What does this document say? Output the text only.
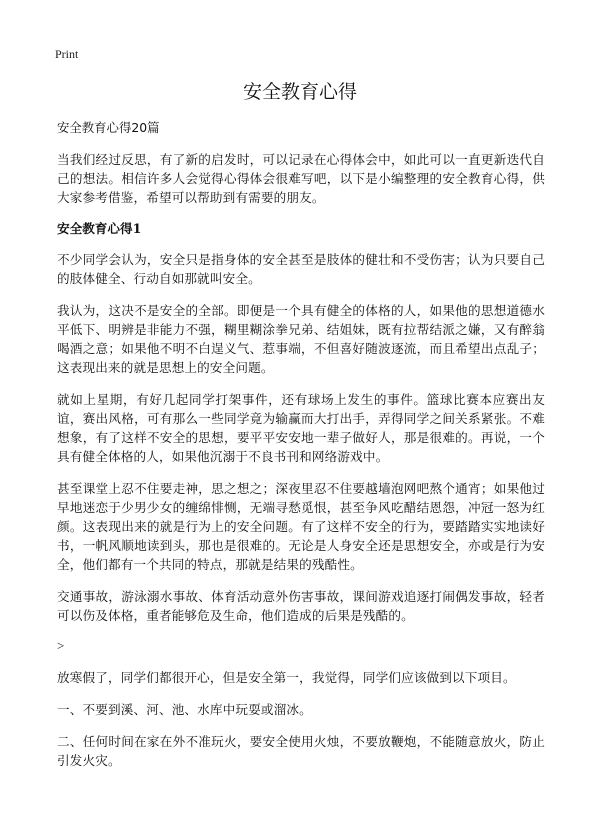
Print
安全教育心得
安全教育心得20篇

当我们经过反思，有了新的启发时，可以记录在心得体会中，如此可以一直更新迭代自己的想法。相信许多人会觉得心得体会很难写吧，以下是小编整理的安全教育心得，供大家参考借鉴，希望可以帮助到有需要的朋友。

安全教育心得1

不少同学会认为，安全只是指身体的安全甚至是肢体的健壮和不受伤害；认为只要自己的肢体健全、行动自如那就叫安全。

我认为，这决不是安全的全部。即便是一个具有健全的体格的人，如果他的思想道德水平低下、明辨是非能力不强，糊里糊涂拳兄弟、结姐妹，既有拉帮结派之嫌，又有醉翁喝酒之意；如果他不明不白逞义气、惹事端，不但喜好随波逐流，而且希望出点乱子；这表现出来的就是思想上的安全问题。

就如上星期，有好几起同学打架事件，还有球场上发生的事件。篮球比赛本应赛出友谊，赛出风格，可有那么一些同学竟为输赢而大打出手，弄得同学之间关系紧张。不难想象，有了这样不安全的思想，要平平安安地一辈子做好人，那是很难的。再说，一个具有健全体格的人，如果他沉溺于不良书刊和网络游戏中。

甚至课堂上忍不住要走神，思之想之；深夜里忍不住要越墙泡网吧熬个通宵；如果他过早地迷恋于少男少女的缠绵悱恻，无端寻愁觅恨，甚至争风吃醋结恩怨，冲冠一怒为红颜。这表现出来的就是行为上的安全问题。有了这样不安全的行为，要踏踏实实地读好书，一帆风顺地读到头，那也是很难的。无论是人身安全还是思想安全，亦或是行为安全，他们都有一个共同的特点，那就是结果的残酷性。

交通事故，游泳溺水事故、体育活动意外伤害事故，课间游戏追逐打闹偶发事故，轻者可以伤及体格，重者能够危及生命，他们造成的后果是残酷的。

>

放寒假了，同学们都很开心，但是安全第一，我觉得，同学们应该做到以下项目。

一、不要到溪、河、池、水库中玩耍或溜冰。

二、任何时间在家在外不准玩火，要安全使用火烛，不要放鞭炮，不能随意放火，防止引发火灾。
